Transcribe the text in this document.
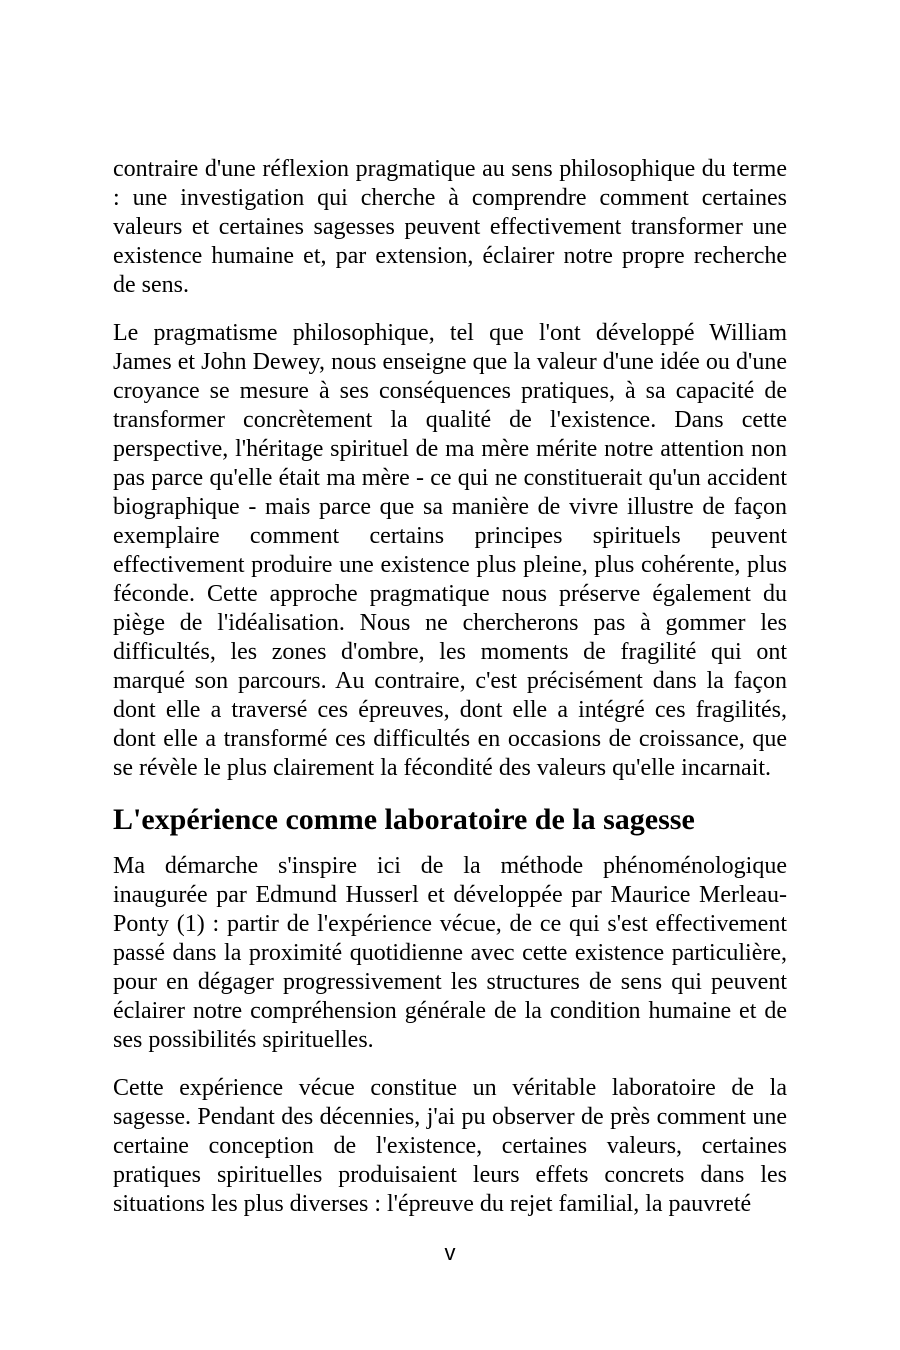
contraire d'une réflexion pragmatique au sens philosophique du terme : une investigation qui cherche à comprendre comment certaines valeurs et certaines sagesses peuvent effectivement transformer une existence humaine et, par extension, éclairer notre propre recherche de sens.

Le pragmatisme philosophique, tel que l'ont développé William James et John Dewey, nous enseigne que la valeur d'une idée ou d'une croyance se mesure à ses conséquences pratiques, à sa capacité de transformer concrètement la qualité de l'existence. Dans cette perspective, l'héritage spirituel de ma mère mérite notre attention non pas parce qu'elle était ma mère - ce qui ne constituerait qu'un accident biographique - mais parce que sa manière de vivre illustre de façon exemplaire comment certains principes spirituels peuvent effectivement produire une existence plus pleine, plus cohérente, plus féconde. Cette approche pragmatique nous préserve également du piège de l'idéalisation. Nous ne chercherons pas à gommer les difficultés, les zones d'ombre, les moments de fragilité qui ont marqué son parcours. Au contraire, c'est précisément dans la façon dont elle a traversé ces épreuves, dont elle a intégré ces fragilités, dont elle a transformé ces difficultés en occasions de croissance, que se révèle le plus clairement la fécondité des valeurs qu'elle incarnait.

L'expérience comme laboratoire de la sagesse

Ma démarche s'inspire ici de la méthode phénoménologique inaugurée par Edmund Husserl et développée par Maurice Merleau-Ponty (1) : partir de l'expérience vécue, de ce qui s'est effectivement passé dans la proximité quotidienne avec cette existence particulière, pour en dégager progressivement les structures de sens qui peuvent éclairer notre compréhension générale de la condition humaine et de ses possibilités spirituelles.

Cette expérience vécue constitue un véritable laboratoire de la sagesse. Pendant des décennies, j'ai pu observer de près comment une certaine conception de l'existence, certaines valeurs, certaines pratiques spirituelles produisaient leurs effets concrets dans les situations les plus diverses : l'épreuve du rejet familial, la pauvreté

v
